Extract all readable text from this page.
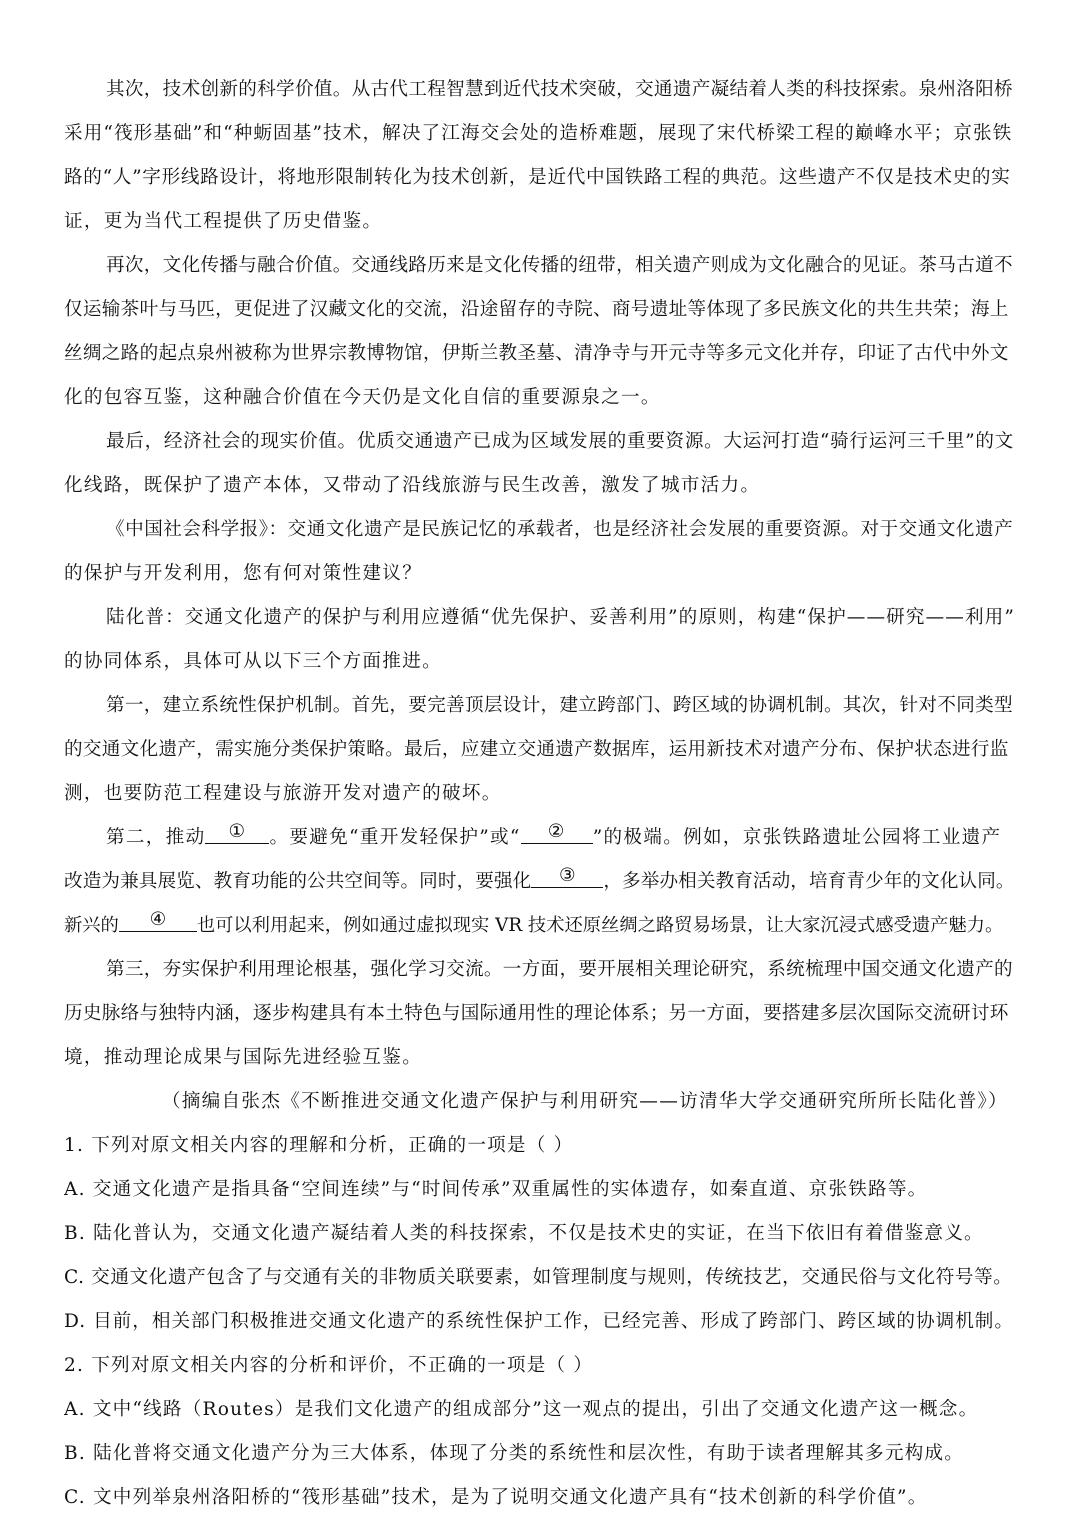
其次，技术创新的科学价值。从古代工程智慧到近代技术突破，交通遗产凝结着人类的科技探索。泉州洛阳桥
采用“筏形基础”和“种蛎固基”技术，解决了江海交会处的造桥难题，展现了宋代桥梁工程的巅峰水平；京张铁
路的“人”字形线路设计，将地形限制转化为技术创新，是近代中国铁路工程的典范。这些遗产不仅是技术史的实
证，更为当代工程提供了历史借鉴。
再次，文化传播与融合价值。交通线路历来是文化传播的纽带，相关遗产则成为文化融合的见证。茶马古道不
仅运输茶叶与马匹，更促进了汉藏文化的交流，沿途留存的寺院、商号遗址等体现了多民族文化的共生共荣；海上
丝绸之路的起点泉州被称为世界宗教博物馆，伊斯兰教圣墓、清净寺与开元寺等多元文化并存，印证了古代中外文
化的包容互鉴，这种融合价值在今天仍是文化自信的重要源泉之一。
最后，经济社会的现实价值。优质交通遗产已成为区域发展的重要资源。大运河打造“骑行运河三千里”的文
化线路，既保护了遗产本体，又带动了沿线旅游与民生改善，激发了城市活力。
《中国社会科学报》：交通文化遗产是民族记忆的承载者，也是经济社会发展的重要资源。对于交通文化遗产
的保护与开发利用，您有何对策性建议？
陆化普：交通文化遗产的保护与利用应遵循“优先保护、妥善利用”的原则，构建“保护——研究——利用”
的协同体系，具体可从以下三个方面推进。
第一，建立系统性保护机制。首先，要完善顶层设计，建立跨部门、跨区域的协调机制。其次，针对不同类型
的交通文化遗产，需实施分类保护策略。最后，应建立交通遗产数据库，运用新技术对遗产分布、保护状态进行监
测，也要防范工程建设与旅游开发对遗产的破坏。
第二，推动 ① 。要避免“重开发轻保护”或“ ② ”的极端。例如，京张铁路遗址公园将工业遗产
改造为兼具展览、教育功能的公共空间等。同时，要强化 ③ ，多举办相关教育活动，培育青少年的文化认同。
新兴的 ④ 也可以利用起来，例如通过虚拟现实 VR 技术还原丝绸之路贸易场景，让大家沉浸式感受遗产魅力。
第三，夯实保护利用理论根基，强化学习交流。一方面，要开展相关理论研究，系统梳理中国交通文化遗产的
历史脉络与独特内涵，逐步构建具有本土特色与国际通用性的理论体系；另一方面，要搭建多层次国际交流研讨环
境，推动理论成果与国际先进经验互鉴。
（摘编自张杰《不断推进交通文化遗产保护与利用研究——访清华大学交通研究所所长陆化普》）
1. 下列对原文相关内容的理解和分析，正确的一项是（ ）
A. 交通文化遗产是指具备“空间连续”与“时间传承”双重属性的实体遗存，如秦直道、京张铁路等。
B. 陆化普认为，交通文化遗产凝结着人类的科技探索，不仅是技术史的实证，在当下依旧有着借鉴意义。
C. 交通文化遗产包含了与交通有关的非物质关联要素，如管理制度与规则，传统技艺，交通民俗与文化符号等。
D. 目前，相关部门积极推进交通文化遗产的系统性保护工作，已经完善、形成了跨部门、跨区域的协调机制。
2. 下列对原文相关内容的分析和评价，不正确的一项是（ ）
A. 文中“线路（Routes）是我们文化遗产的组成部分”这一观点的提出，引出了交通文化遗产这一概念。
B. 陆化普将交通文化遗产分为三大体系，体现了分类的系统性和层次性，有助于读者理解其多元构成。
C. 文中列举泉州洛阳桥的“筏形基础”技术，是为了说明交通文化遗产具有“技术创新的科学价值”。
